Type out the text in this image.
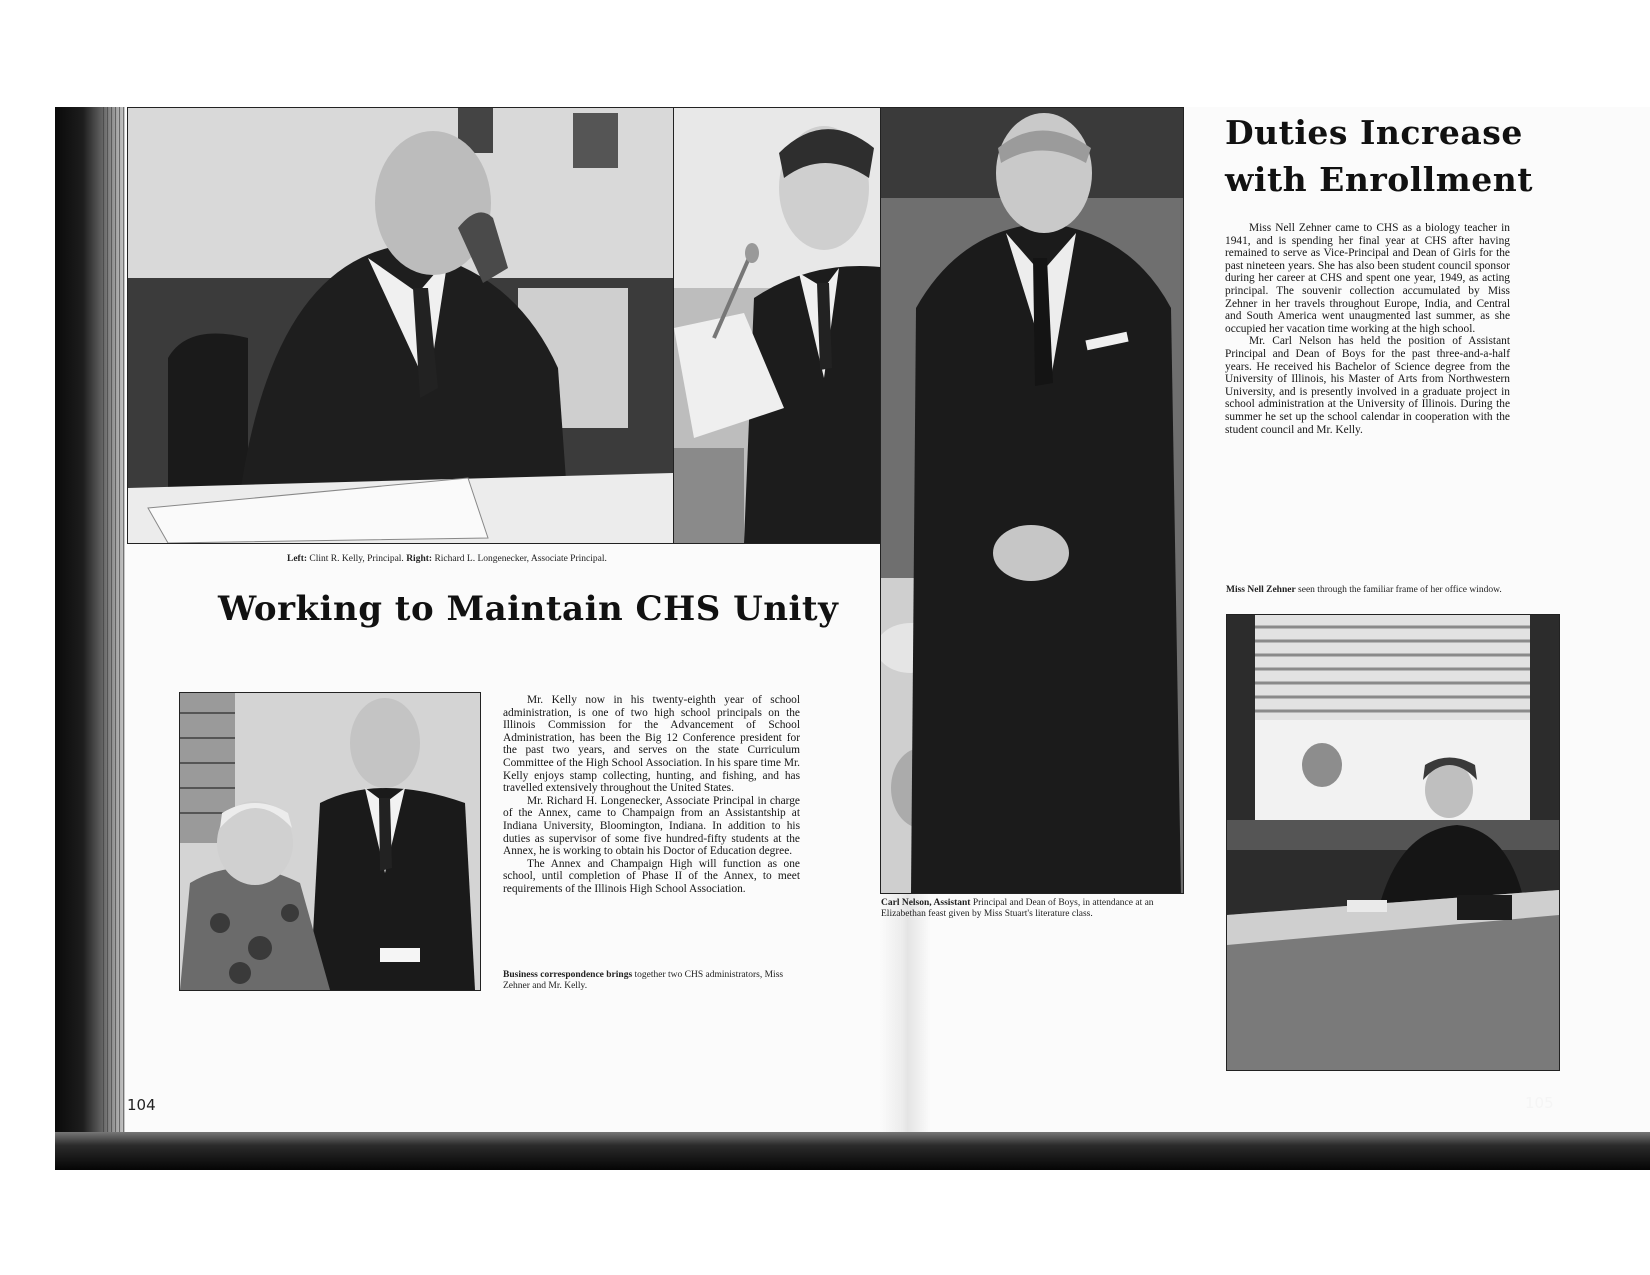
Left: Clint R. Kelly, Principal. Right: Richard L. Longenecker, Associate Principal.
Working to Maintain CHS Unity

Mr. Kelly now in his twenty-eighth year of school administration, is one of two high school principals on the Illinois Commission for the Advancement of School Administration, has been the Big 12 Conference president for the past two years, and serves on the state Curriculum Committee of the High School Association. In his spare time Mr. Kelly enjoys stamp collecting, hunting, and fishing, and has travelled extensively throughout the United States.

Mr. Richard H. Longenecker, Associate Principal in charge of the Annex, came to Champaign from an Assistantship at Indiana University, Bloomington, Indiana. In addition to his duties as supervisor of some five hundred-fifty students at the Annex, he is working to obtain his Doctor of Education degree.

The Annex and Champaign High will function as one school, until completion of Phase II of the Annex, to meet requirements of the Illinois High School Association.

Business correspondence brings together two CHS administrators, Miss Zehner and Mr. Kelly.
104
Carl Nelson, Assistant Principal and Dean of Boys, in attendance at an Elizabethan feast given by Miss Stuart's literature class.
Duties Increase
with Enrollment

Miss Nell Zehner came to CHS as a biology teacher in 1941, and is spending her final year at CHS after having remained to serve as Vice-Principal and Dean of Girls for the past nineteen years. She has also been student council sponsor during her career at CHS and spent one year, 1949, as acting principal. The souvenir collection accumulated by Miss Zehner in her travels throughout Europe, India, and Central and South America went unaugmented last summer, as she occupied her vacation time working at the high school.

Mr. Carl Nelson has held the position of Assistant Principal and Dean of Boys for the past three-and-a-half years. He received his Bachelor of Science degree from the University of Illinois, his Master of Arts from Northwestern University, and is presently involved in a graduate project in school administration at the University of Illinois. During the summer he set up the school calendar in cooperation with the student council and Mr. Kelly.

Miss Nell Zehner seen through the familiar frame of her office window.
105
